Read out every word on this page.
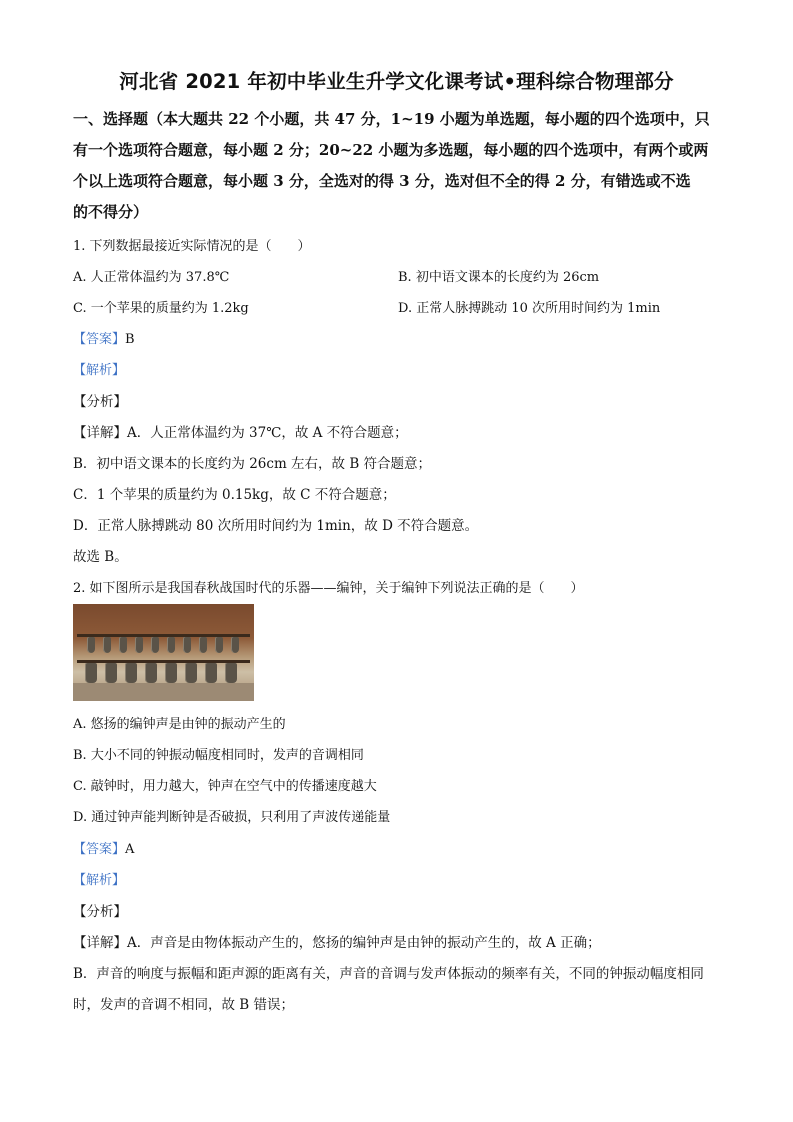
河北省 2021 年初中毕业生升学文化课考试•理科综合物理部分
一、选择题（本大题共 22 个小题，共 47 分，1~19 小题为单选题，每小题的四个选项中，只
有一个选项符合题意，每小题 2 分；20~22 小题为多选题，每小题的四个选项中，有两个或两
个以上选项符合题意，每小题 3 分，全选对的得 3 分，选对但不全的得 2 分，有错选或不选
的不得分）
1. 下列数据最接近实际情况的是（　　）
A. 人正常体温约为 37.8℃	B. 初中语文课本的长度约为 26cm
C. 一个苹果的质量约为 1.2kg	D. 正常人脉搏跳动 10 次所用时间约为 1min
【答案】B
【解析】
【分析】
【详解】A．人正常体温约为 37℃，故 A 不符合题意；
B．初中语文课本的长度约为 26cm 左右，故 B 符合题意；
C．1 个苹果的质量约为 0.15kg，故 C 不符合题意；
D．正常人脉搏跳动 80 次所用时间约为 1min，故 D 不符合题意。
故选 B。
2. 如下图所示是我国春秋战国时代的乐器——编钟，关于编钟下列说法正确的是（　　）
A. 悠扬的编钟声是由钟的振动产生的
B. 大小不同的钟振动幅度相同时，发声的音调相同
C. 敲钟时，用力越大，钟声在空气中的传播速度越大
D. 通过钟声能判断钟是否破损，只利用了声波传递能量
【答案】A
【解析】
【分析】
【详解】A．声音是由物体振动产生的，悠扬的编钟声是由钟的振动产生的，故 A 正确；
B．声音的响度与振幅和距声源的距离有关，声音的音调与发声体振动的频率有关，不同的钟振动幅度相同
时，发声的音调不相同，故 B 错误；
